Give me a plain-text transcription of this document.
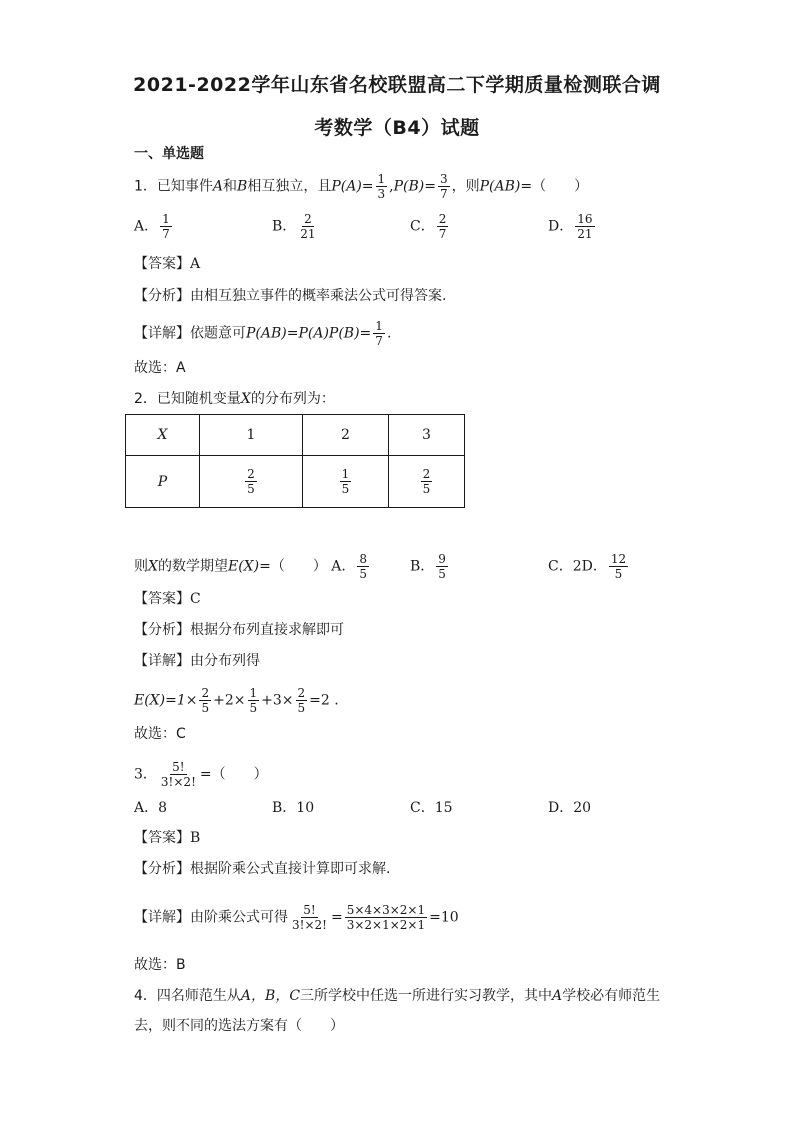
2021-2022学年山东省名校联盟高二下学期质量检测联合调
考数学（B4）试题
一、单选题
1．已知事件A和B相互独立，且$P(A)= \frac{1}{3} ,P(B)= \frac{3}{7}$ ，则P(AB)=（　　）
A． $\frac{1}{7}$	B． $\frac{2}{21}$	C． $\frac{2}{7}$	D． $\frac{16}{21}$
【答案】A
【分析】由相互独立事件的概率乘法公式可得答案.
【详解】依题意可$P(AB)=P(A)P(B)= \frac{1}{7}$ .
故选：A
2．已知随机变量X的分布列为：
X	1	2	3
P	$\frac{2}{5}$	$\frac{1}{5}$	$\frac{2}{5}$
则X的数学期望E(X)=（　　） A． $\frac{8}{5}$	B． $\frac{9}{5}$	C．2D． $\frac{12}{5}$
【答案】C
【分析】根据分布列直接求解即可
【详解】由分布列得
$E(X)=1\times \frac{2}{5} +2\times \frac{1}{5} +3\times \frac{2}{5} =2$ .
故选：C
3． $\frac{5!}{3!\times 2!}$ =（　　）
A．8	B．10	C．15	D．20
【答案】B
【分析】根据阶乘公式直接计算即可求解.
【详解】由阶乘公式可得 $\frac{5!}{3!\times 2!} = \frac{5\times 4\times 3\times 2\times 1}{3\times 2\times 1\times 2\times 1} =10$
故选：B
4．四名师范生从A，B，C三所学校中任选一所进行实习教学，其中A学校必有师范生
去，则不同的选法方案有（　　）
